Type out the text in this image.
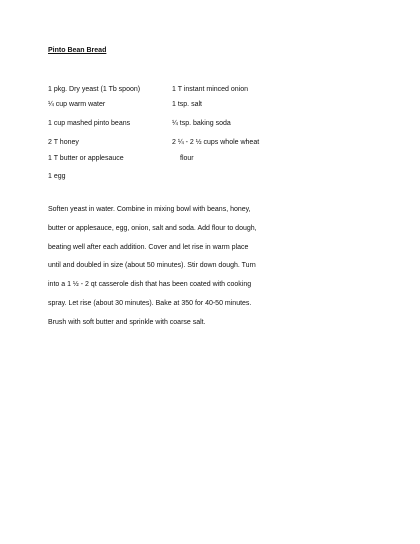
Pinto Bean Bread
1 pkg. Dry yeast (1 Tb spoon)
¼ cup warm water
1 cup mashed pinto beans
2 T honey
1 T butter or applesauce
1 egg
1 T instant minced onion
1 tsp. salt
¼ tsp. baking soda
2 ¼ - 2 ½ cups whole wheat
flour
Soften yeast in water. Combine in mixing bowl with beans, honey,
butter or applesauce, egg, onion, salt and soda. Add flour to dough,
beating well after each addition. Cover and let rise in warm place
until and doubled in size (about 50 minutes). Stir down dough. Turn
into a 1 ½ - 2 qt casserole dish that has been coated with cooking
spray. Let rise (about 30 minutes). Bake at 350 for 40-50 minutes.
Brush with soft butter and sprinkle with coarse salt.
